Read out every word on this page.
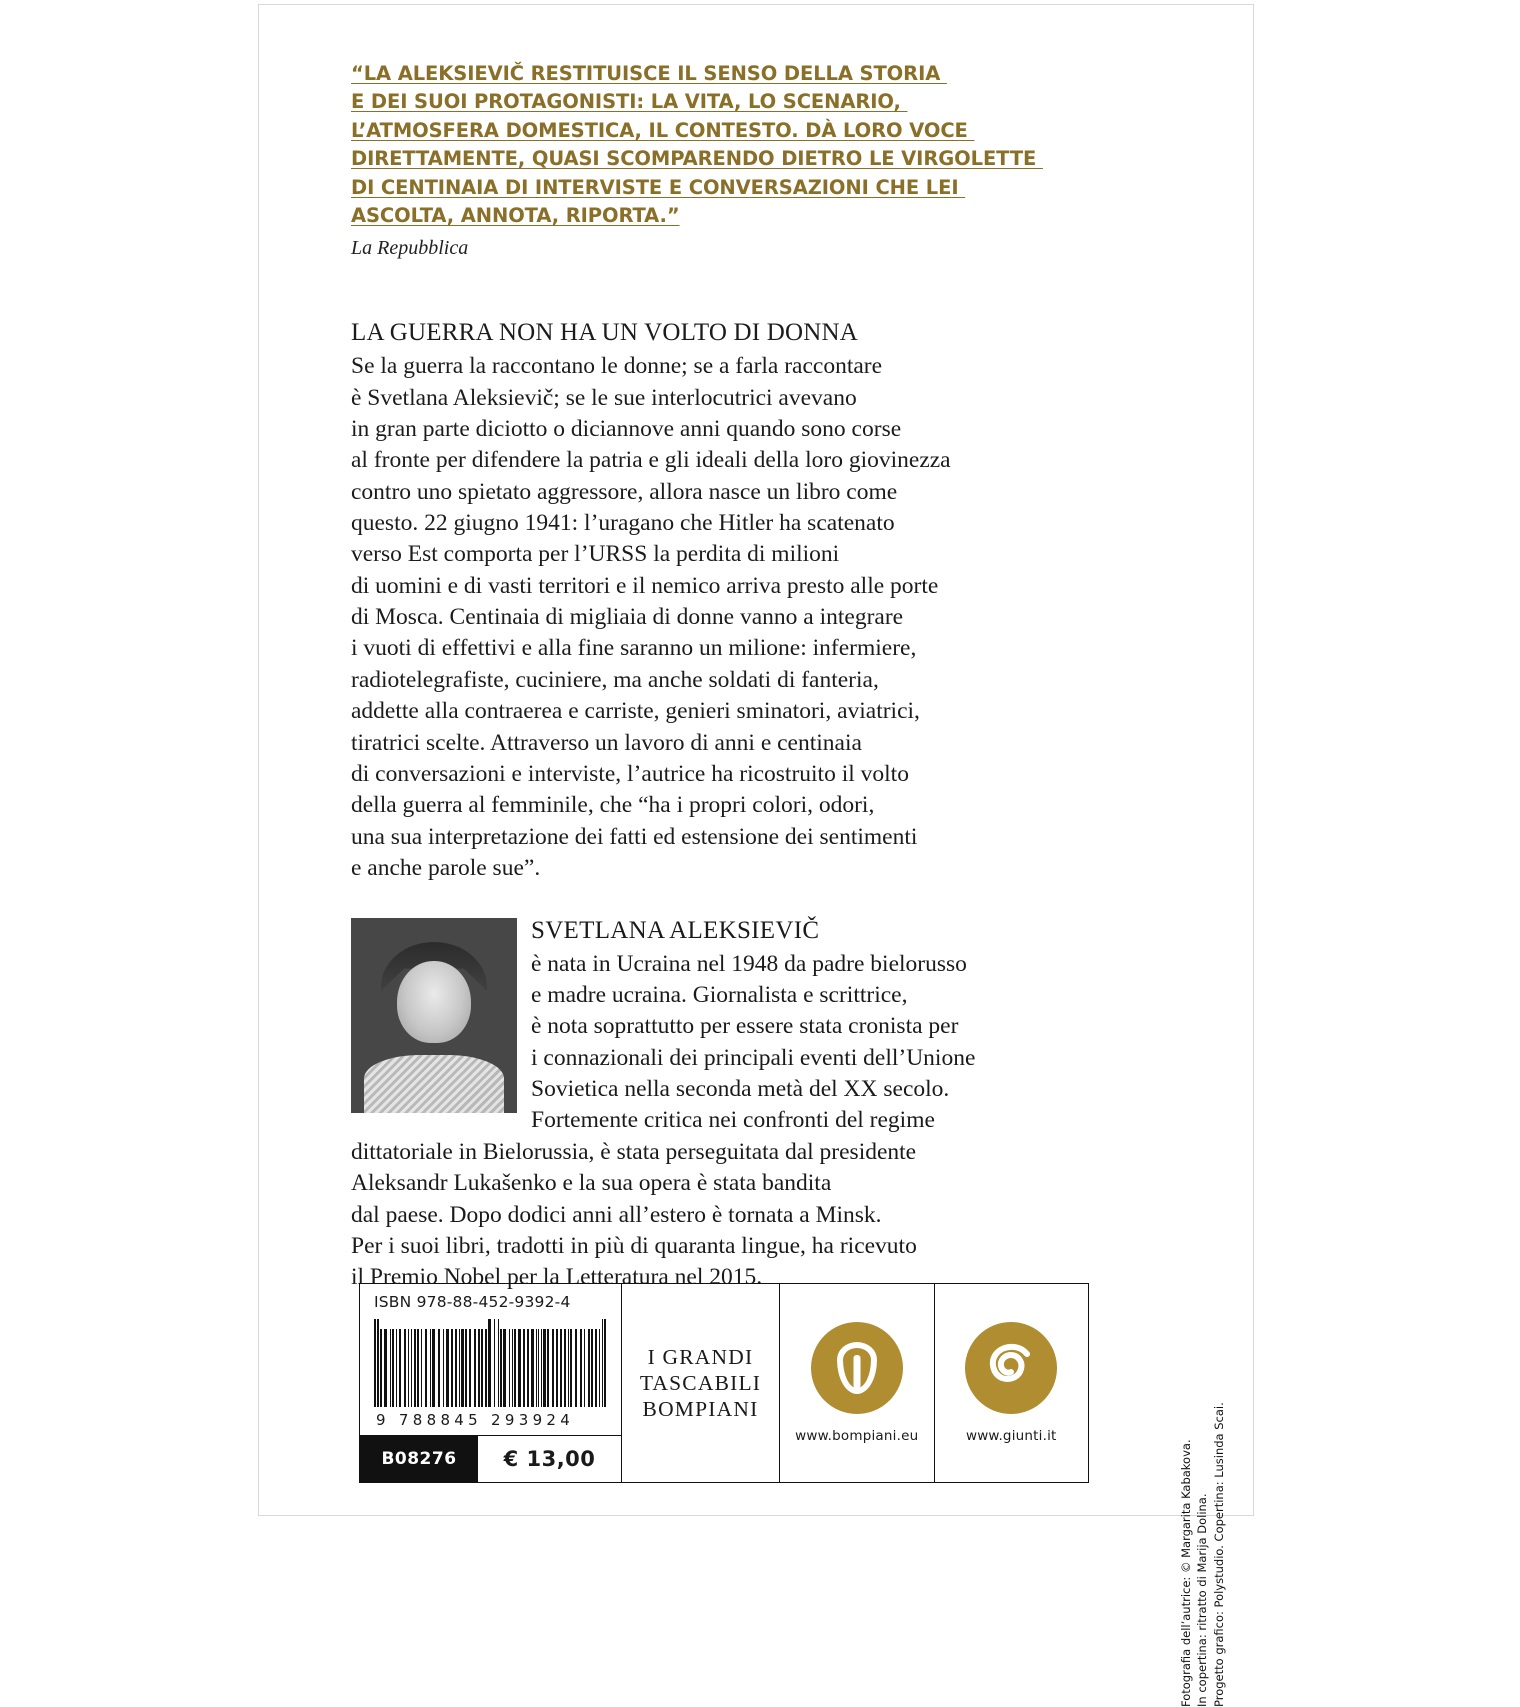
“LA ALEKSIEVIČ RESTITUISCE IL SENSO DELLA STORIA
E DEI SUOI PROTAGONISTI: LA VITA, LO SCENARIO,
L’ATMOSFERA DOMESTICA, IL CONTESTO. DÀ LORO VOCE
DIRETTAMENTE, QUASI SCOMPARENDO DIETRO LE VIRGOLETTE
DI CENTINAIA DI INTERVISTE E CONVERSAZIONI CHE LEI
ASCOLTA, ANNOTA, RIPORTA.”
La Repubblica
LA GUERRA NON HA UN VOLTO DI DONNA

Se la guerra la raccontano le donne; se a farla raccontare
è Svetlana Aleksievič; se le sue interlocutrici avevano
in gran parte diciotto o diciannove anni quando sono corse
al fronte per difendere la patria e gli ideali della loro giovinezza
contro uno spietato aggressore, allora nasce un libro come
questo. 22 giugno 1941: l’uragano che Hitler ha scatenato
verso Est comporta per l’URSS la perdita di milioni
di uomini e di vasti territori e il nemico arriva presto alle porte
di Mosca. Centinaia di migliaia di donne vanno a integrare
i vuoti di effettivi e alla fine saranno un milione: infermiere,
radiotelegrafiste, cuciniere, ma anche soldati di fanteria,
addette alla contraerea e carriste, genieri sminatori, aviatrici,
tiratrici scelte. Attraverso un lavoro di anni e centinaia
di conversazioni e interviste, l’autrice ha ricostruito il volto
della guerra al femminile, che “ha i propri colori, odori,
una sua interpretazione dei fatti ed estensione dei sentimenti
e anche parole sue”.

SVETLANA ALEKSIEVIČ
è nata in Ucraina nel 1948 da padre bielorusso
e madre ucraina. Giornalista e scrittrice,
è nota soprattutto per essere stata cronista per
i connazionali dei principali eventi dell’Unione
Sovietica nella seconda metà del XX secolo.
Fortemente critica nei confronti del regime
dittatoriale in Bielorussia, è stata perseguitata dal presidente
Aleksandr Lukašenko e la sua opera è stata bandita
dal paese. Dopo dodici anni all’estero è tornata a Minsk.
Per i suoi libri, tradotti in più di quaranta lingue, ha ricevuto
il Premio Nobel per la Letteratura nel 2015.
ISBN 978-88-452-9392-4
9 788845 293924
B08276	€ 13,00
I GRANDI
TASCABILI
BOMPIANI
www.bompiani.eu	www.giunti.it
Fotografia dell’autrice: © Margarita Kabakova. In copertina: ritratto di Marija Dolina. Progetto grafico: Polystudio. Copertina: Lusinda Scai.
